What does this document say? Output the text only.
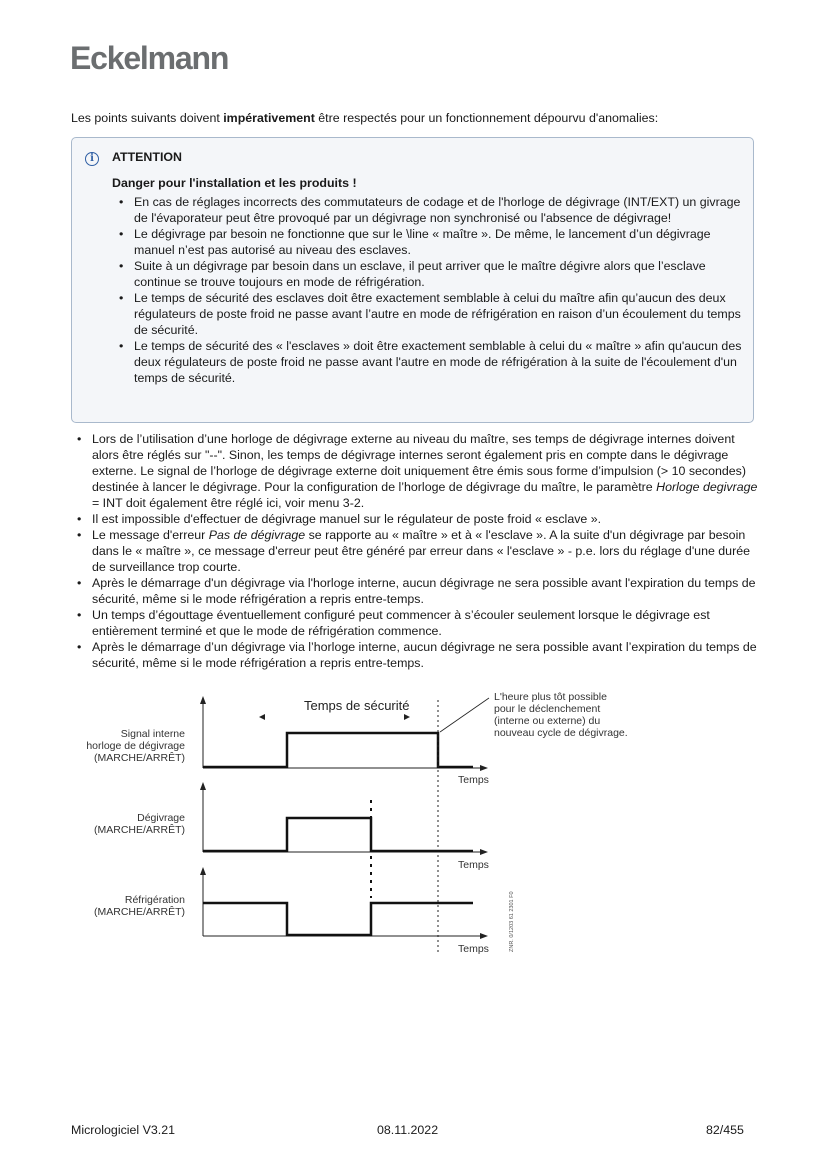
Eckelmann
Les points suivants doivent impérativement être respectés pour un fonctionnement dépourvu d'anomalies:
i	ATTENTION
Danger pour l'installation et les produits !
• En cas de réglages incorrects des commutateurs de codage et de l'horloge de dégivrage (INT/EXT) un givrage de l'évaporateur peut être provoqué par un dégivrage non synchronisé ou l'absence de dégivrage!
• Le dégivrage par besoin ne fonctionne que sur le \line « maître ». De même, le lancement d’un dégivrage manuel n’est pas autorisé au niveau des esclaves.
• Suite à un dégivrage par besoin dans un esclave, il peut arriver que le maître dégivre alors que l’esclave continue se trouve toujours en mode de réfrigération.
• Le temps de sécurité des esclaves doit être exactement semblable à celui du maître afin qu’aucun des deux régulateurs de poste froid ne passe avant l’autre en mode de réfrigération en raison d’un écoulement du temps de sécurité.
• Le temps de sécurité des « l'esclaves » doit être exactement semblable à celui du « maître » afin qu'aucun des deux régulateurs de poste froid ne passe avant l'autre en mode de réfrigération à la suite de l'écoulement d'un temps de sécurité.
• Lors de l’utilisation d’une horloge de dégivrage externe au niveau du maître, ses temps de dégivrage internes doivent alors être réglés sur "--". Sinon, les temps de dégivrage internes seront également pris en compte dans le dégivrage externe. Le signal de l’horloge de dégivrage externe doit uniquement être émis sous forme d’impulsion (> 10 secondes) destinée à lancer le dégivrage. Pour la configuration de l’horloge de dégivrage du maître, le paramètre Horloge degivrage = INT doit également être réglé ici, voir menu 3-2.
• Il est impossible d'effectuer de dégivrage manuel sur le régulateur de poste froid « esclave ».
• Le message d'erreur Pas de dégivrage se rapporte au « maître » et à « l'esclave ». A la suite d'un dégivrage par besoin dans le « maître », ce message d'erreur peut être généré par erreur dans « l'esclave » - p.e. lors du réglage d'une durée de surveillance trop courte.
• Après le démarrage d'un dégivrage via l'horloge interne, aucun dégivrage ne sera possible avant l'expiration du temps de sécurité, même si le mode réfrigération a repris entre-temps.
• Un temps d’égouttage éventuellement configuré peut commencer à s’écouler seulement lorsque le dégivrage est entièrement terminé et que le mode de réfrigération commence.
• Après le démarrage d’un dégivrage via l’horloge interne, aucun dégivrage ne sera possible avant l’expiration du temps de sécurité, même si le mode réfrigération a repris entre-temps.
Signal interne
horloge de dégivrage
(MARCHE/ARRÊT)
Temps
Temps de sécurité
L'heure plus tôt possible
pour le déclenchement
(interne ou externe) du
nouveau cycle de dégivrage.
Dégivrage
(MARCHE/ARRÊT)
Temps
Réfrigération
(MARCHE/ARRÊT)
Temps	ZNR. 0/1203 61 2301 F0
Micrologiciel V3.21	08.11.2022	82/455
